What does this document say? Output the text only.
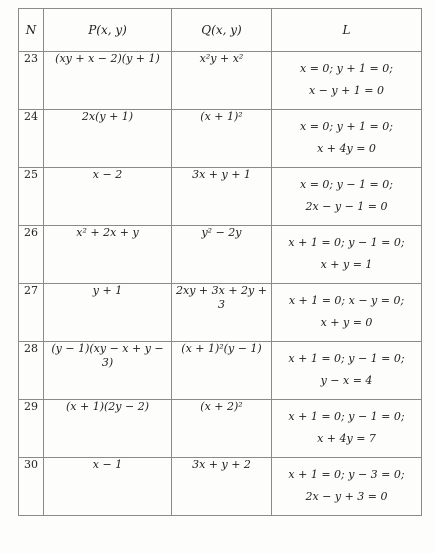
N	P(x, y)	Q(x, y)	L
23	(xy + x − 2)(y + 1)	x²y + x²	x = 0; y + 1 = 0;
x − y + 1 = 0

24	2x(y + 1)	(x + 1)²	x = 0; y + 1 = 0;
x + 4y = 0

25	x − 2	3x + y + 1	x = 0; y − 1 = 0;
2x − y − 1 = 0

26	x² + 2x + y	y² − 2y	x + 1 = 0; y − 1 = 0;
x + y = 1

27	y + 1	2xy + 3x + 2y + 3	x + 1 = 0; x − y = 0;
x + y = 0

28	(y − 1)(xy − x + y − 3)	(x + 1)²(y − 1)	x + 1 = 0; y − 1 = 0;
y − x = 4

29	(x + 1)(2y − 2)	(x + 2)²	x + 1 = 0; y − 1 = 0;
x + 4y = 7

30	x − 1	3x + y + 2	x + 1 = 0; y − 3 = 0;
2x − y + 3 = 0
